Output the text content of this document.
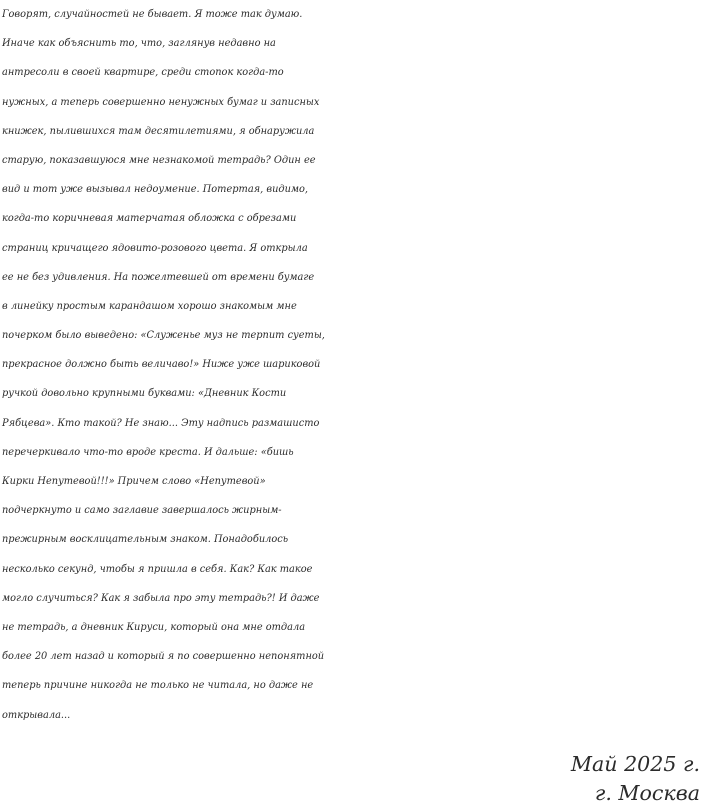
Говорят, случайностей не бывает. Я тоже так думаю.
Иначе как объяснить то, что, заглянув недавно на
антресоли в своей квартире, среди стопок когда-то
нужных, а теперь совершенно ненужных бумаг и записных
книжек, пылившихся там десятилетиями, я обнаружила
старую, показавшуюся мне незнакомой тетрадь? Один ее
вид и тот уже вызывал недоумение. Потертая, видимо,
когда-то коричневая матерчатая обложка с обрезами
страниц кричащего ядовито-розового цвета. Я открыла
ее не без удивления. На пожелтевшей от времени бумаге
в линейку простым карандашом хорошо знакомым мне
почерком было выведено: «Служенье муз не терпит суеты,
прекрасное должно быть величаво!» Ниже уже шариковой
ручкой довольно крупными буквами: «Дневник Кости
Рябцева». Кто такой? Не знаю... Эту надпись размашисто
перечеркивало что-то вроде креста. И дальше: «бишь
Кирки Непутевой!!!» Причем слово «Непутевой»
подчеркнуто и само заглавие завершалось жирным-
прежирным восклицательным знаком. Понадобилось
несколько секунд, чтобы я пришла в себя. Как? Как такое
могло случиться? Как я забыла про эту тетрадь?! И даже
не тетрадь, а дневник Кируси, который она мне отдала
более 20 лет назад и который я по совершенно непонятной
теперь причине никогда не только не читала, но даже не
открывала...
Май 2025 г.
г. Москва
